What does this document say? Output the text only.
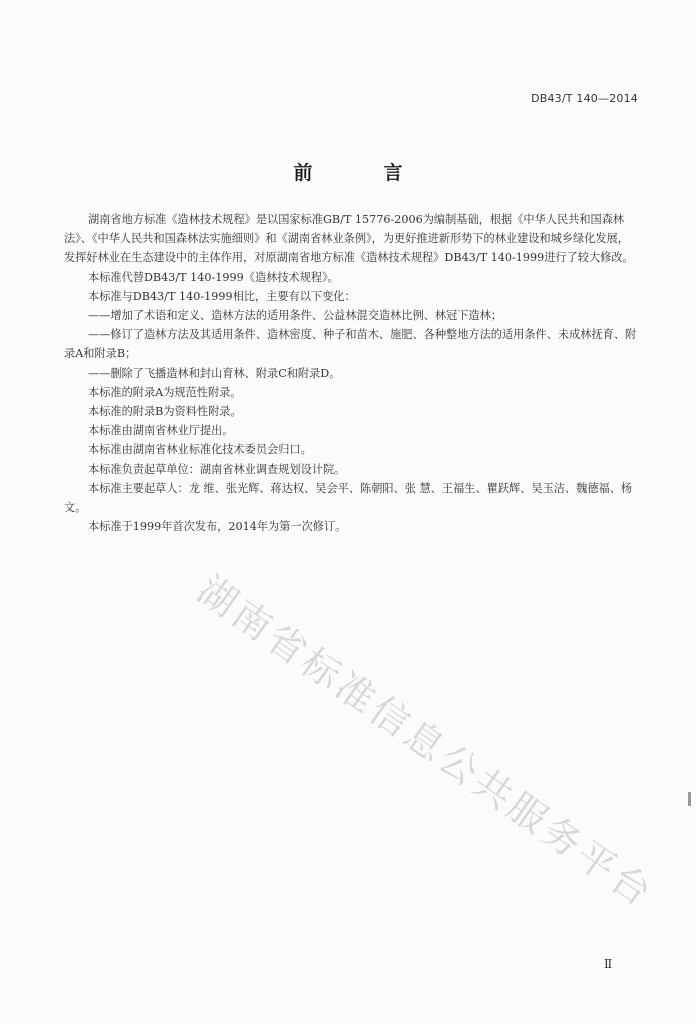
DB43/T 140—2014
前　言

湖南省地方标准《造林技术规程》是以国家标准GB/T 15776-2006为编制基础，根据《中华人民共和国森林法》、《中华人民共和国森林法实施细则》和《湖南省林业条例》，为更好推进新形势下的林业建设和城乡绿化发展，发挥好林业在生态建设中的主体作用，对原湖南省地方标准《造林技术规程》DB43/T 140-1999进行了较大修改。

本标准代替DB43/T 140-1999《造林技术规程》。

本标准与DB43/T 140-1999相比，主要有以下变化：

——增加了术语和定义、造林方法的适用条件、公益林混交造林比例、林冠下造林；

——修订了造林方法及其适用条件、造林密度、种子和苗木、施肥、各种整地方法的适用条件、未成林抚育、附录A和附录B；

——删除了飞播造林和封山育林、附录C和附录D。

本标准的附录A为规范性附录。

本标准的附录B为资料性附录。

本标准由湖南省林业厅提出。

本标准由湖南省林业标准化技术委员会归口。

本标准负责起草单位：湖南省林业调查规划设计院。

本标准主要起草人：龙 维、张光辉、蒋达权、吴会平、陈朝阳、张 慧、王福生、瞿跃辉、吴玉洁、魏德福、杨 文。

本标准于1999年首次发布，2014年为第一次修订。

湖南省标准信息公共服务平台
Ⅱ
